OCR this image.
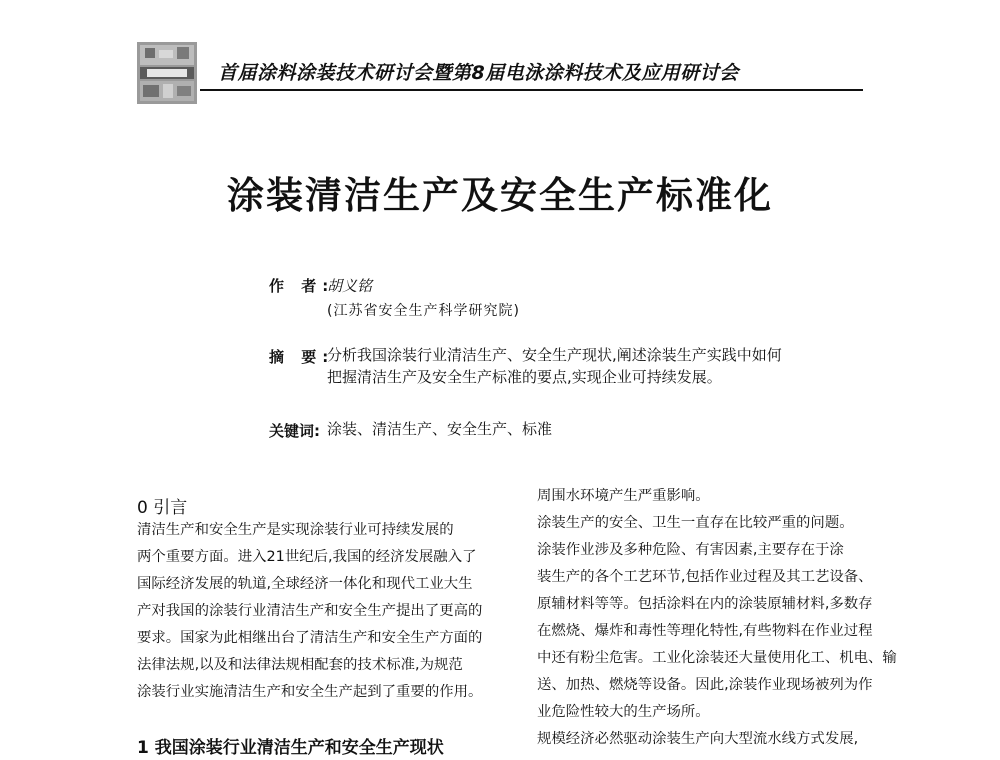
首届涂料涂装技术研讨会暨第8届电泳涂料技术及应用研讨会
涂装清洁生产及安全生产标准化
作 者:
胡义铭
(江苏省安全生产科学研究院)
摘 要:
分析我国涂装行业清洁生产、安全生产现状,阐述涂装生产实践中如何
把握清洁生产及安全生产标准的要点,实现企业可持续发展。
关键词: 涂装、清洁生产、安全生产、标准
0 引言
清洁生产和安全生产是实现涂装行业可持续发展的
两个重要方面。进入21世纪后,我国的经济发展融入了
国际经济发展的轨道,全球经济一体化和现代工业大生
产对我国的涂装行业清洁生产和安全生产提出了更高的
要求。国家为此相继出台了清洁生产和安全生产方面的
法律法规,以及和法律法规相配套的技术标准,为规范
涂装行业实施清洁生产和安全生产起到了重要的作用。
1 我国涂装行业清洁生产和安全生产现状
周围水环境产生严重影响。
涂装生产的安全、卫生一直存在比较严重的问题。
涂装作业涉及多种危险、有害因素,主要存在于涂
装生产的各个工艺环节,包括作业过程及其工艺设备、
原辅材料等等。包括涂料在内的涂装原辅材料,多数存
在燃烧、爆炸和毒性等理化特性,有些物料在作业过程
中还有粉尘危害。工业化涂装还大量使用化工、机电、输
送、加热、燃烧等设备。因此,涂装作业现场被列为作
业危险性较大的生产场所。
规模经济必然驱动涂装生产向大型流水线方式发展,
